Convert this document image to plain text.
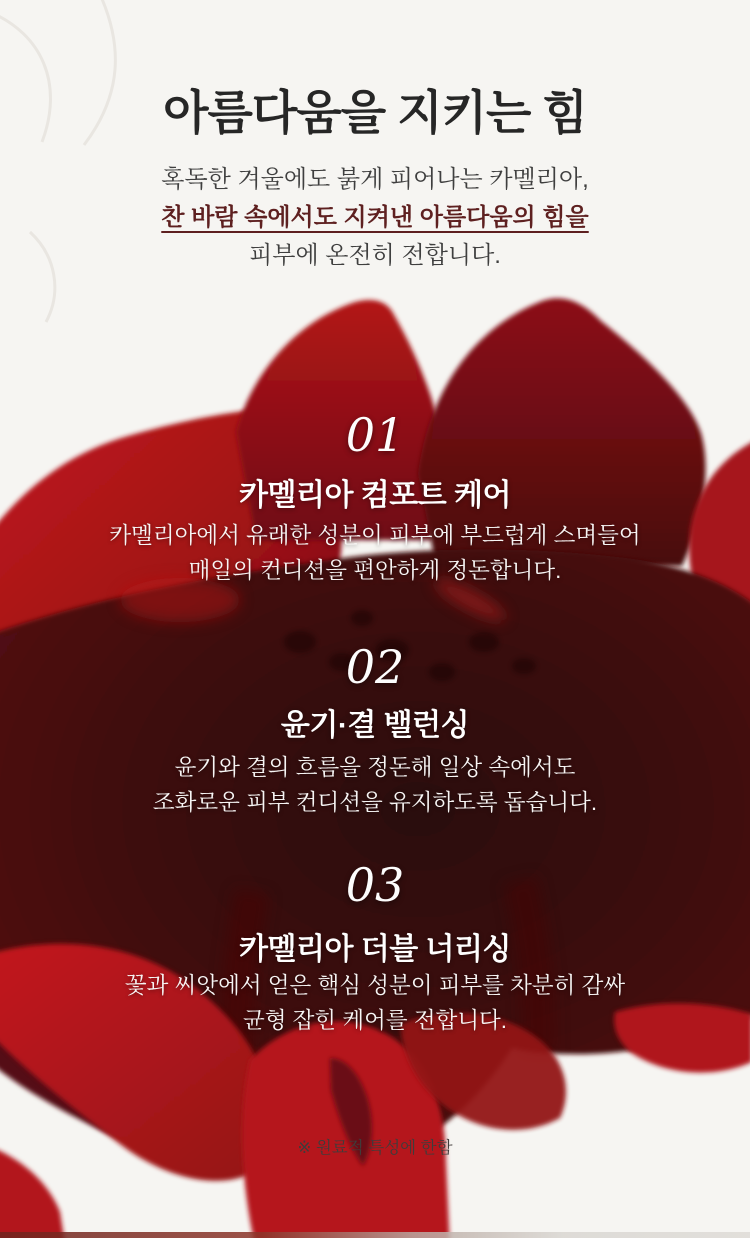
아름다움을 지키는 힘
혹독한 겨울에도 붉게 피어나는 카멜리아,
찬 바람 속에서도 지켜낸 아름다움의 힘을
피부에 온전히 전합니다.
01
카멜리아 컴포트 케어
카멜리아에서 유래한 성분이 피부에 부드럽게 스며들어
매일의 컨디션을 편안하게 정돈합니다.
02
윤기·결 밸런싱
윤기와 결의 흐름을 정돈해 일상 속에서도
조화로운 피부 컨디션을 유지하도록 돕습니다.
03
카멜리아 더블 너리싱
꽃과 씨앗에서 얻은 핵심 성분이 피부를 차분히 감싸
균형 잡힌 케어를 전합니다.
※ 원료적 특성에 한함
